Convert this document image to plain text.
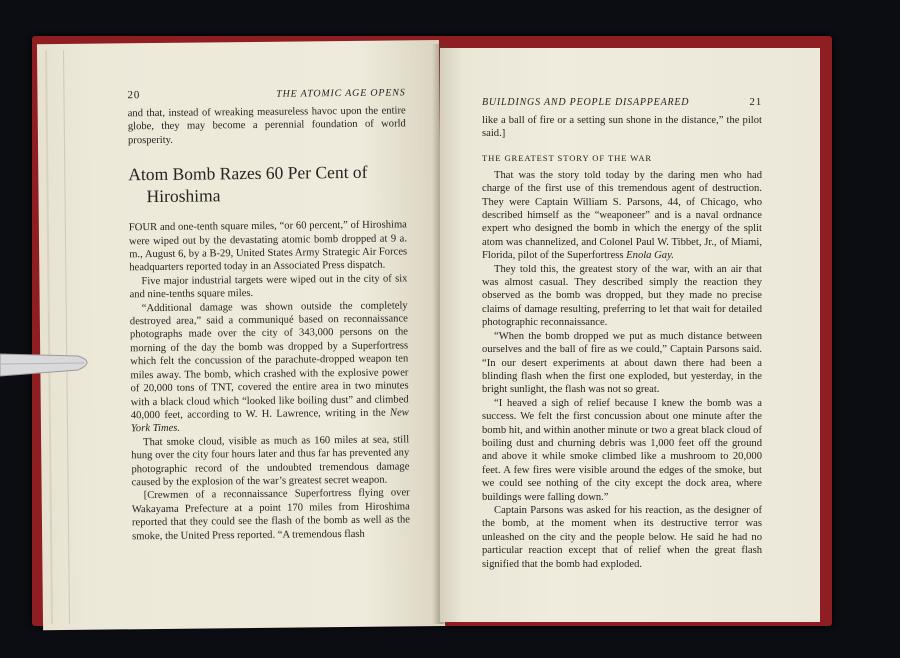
20	THE ATOMIC AGE OPENS

and that, instead of wreaking measureless havoc upon the entire globe, they may become a perennial foundation of world prosperity.

Atom Bomb Razes 60 Per Cent of
Hiroshima

FOUR and one-tenth square miles, “or 60 percent,” of Hiroshima were wiped out by the devastating atomic bomb dropped at 9 a. m., August 6, by a B-29, United States Army Strategic Air Forces headquarters reported today in an Associated Press dispatch.

Five major industrial targets were wiped out in the city of six and nine-tenths square miles.

“Additional damage was shown outside the completely destroyed area,” said a communiqué based on reconnaissance photographs made over the city of 343,000 persons on the morning of the day the bomb was dropped by a Superfortress which felt the concussion of the parachute-dropped weapon ten miles away. The bomb, which crashed with the explosive power of 20,000 tons of TNT, covered the entire area in two minutes with a black cloud which “looked like boiling dust” and climbed 40,000 feet, according to W. H. Lawrence, writing in the New York Times.

That smoke cloud, visible as much as 160 miles at sea, still hung over the city four hours later and thus far has prevented any photographic record of the undoubted tremendous damage caused by the explosion of the war’s greatest secret weapon.

[Crewmen of a reconnaissance Superfortress flying over Wakayama Prefecture at a point 170 miles from Hiroshima reported that they could see the flash of the bomb as well as the smoke, the United Press reported. “A tremendous flash

BUILDINGS AND PEOPLE DISAPPEARED	21

like a ball of fire or a setting sun shone in the distance,” the pilot said.]

THE GREATEST STORY OF THE WAR

That was the story told today by the daring men who had charge of the first use of this tremendous agent of destruction. They were Captain William S. Parsons, 44, of Chicago, who described himself as the “weaponeer” and is a naval ordnance expert who designed the bomb in which the energy of the split atom was channelized, and Colonel Paul W. Tibbet, Jr., of Miami, Florida, pilot of the Superfortress Enola Gay.

They told this, the greatest story of the war, with an air that was almost casual. They described simply the reaction they observed as the bomb was dropped, but they made no precise claims of damage resulting, preferring to let that wait for detailed photographic reconnaissance.

“When the bomb dropped we put as much distance between ourselves and the ball of fire as we could,” Captain Parsons said. “In our desert experiments at about dawn there had been a blinding flash when the first one exploded, but yesterday, in the bright sunlight, the flash was not so great.

“I heaved a sigh of relief because I knew the bomb was a success. We felt the first concussion about one minute after the bomb hit, and within another minute or two a great black cloud of boiling dust and churning debris was 1,000 feet off the ground and above it while smoke climbed like a mushroom to 20,000 feet. A few fires were visible around the edges of the smoke, but we could see nothing of the city except the dock area, where buildings were falling down.”

Captain Parsons was asked for his reaction, as the designer of the bomb, at the moment when its destructive terror was unleashed on the city and the people below. He said he had no particular reaction except that of relief when the great flash signified that the bomb had exploded.
